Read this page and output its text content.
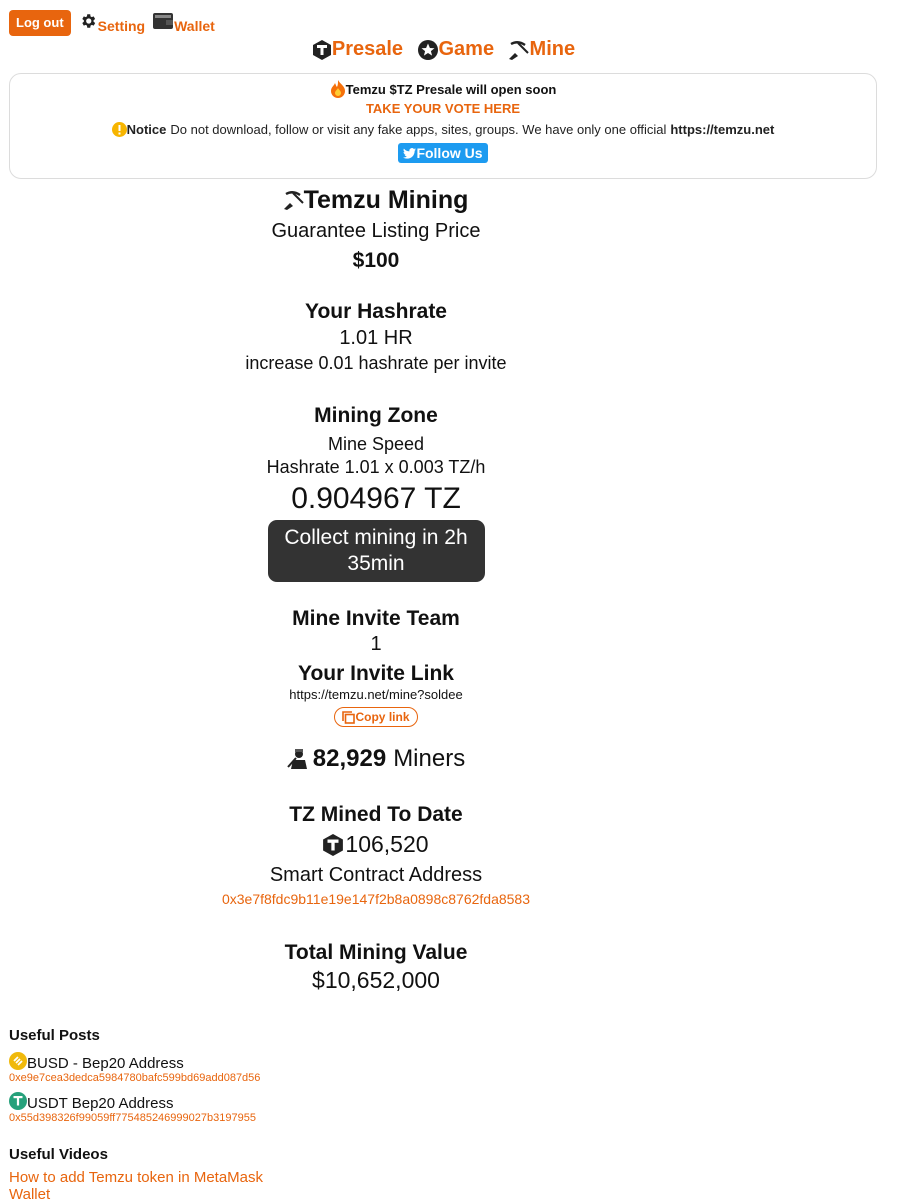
Log out	Setting Wallet
Presale
Game
Mine
Temzu $TZ Presale will open soon
TAKE YOUR VOTE HERE
Notice Do not download, follow or visit any fake apps, sites, groups. We have only one official https://temzu.net
Follow Us
Temzu Mining
Guarantee Listing Price
$100
Your Hashrate
1.01 HR
increase 0.01 hashrate per invite
Mining Zone
Mine Speed
Hashrate 1.01 x 0.003 TZ/h
0.904967 TZ
Collect mining in 2h
35min
Mine Invite Team
1
Your Invite Link
https://temzu.net/mine?soldee
Copy link
82,929 Miners
TZ Mined To Date
106,520
Smart Contract Address
0x3e7f8fdc9b11e19e147f2b8a0898c8762fda8583
Total Mining Value
$10,652,000
Useful Posts
BUSD - Bep20 Address
0xe9e7cea3dedca5984780bafc599bd69add087d56
USDT Bep20 Address
0x55d398326f99059ff775485246999027b3197955
Useful Videos
How to add Temzu token in MetaMask Wallet
